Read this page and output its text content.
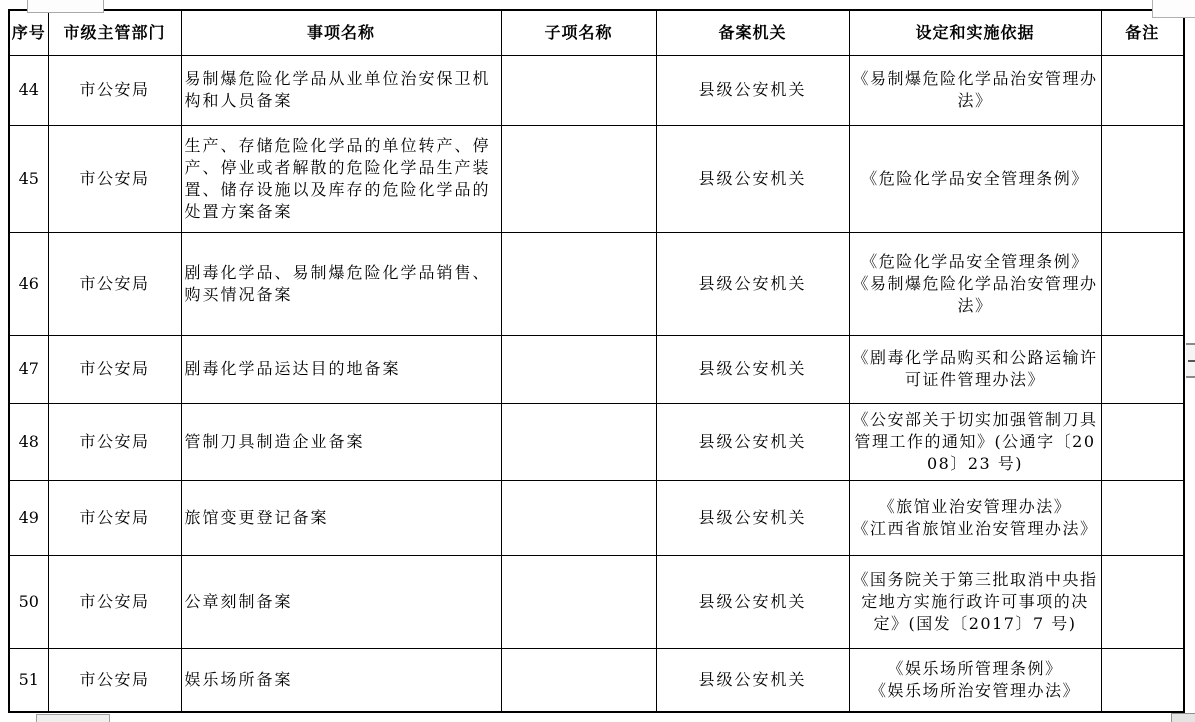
序号	市级主管部门	事项名称	子项名称	备案机关	设定和实施依据	备注
44	市公安局	易制爆危险化学品从业单位治安保卫机构和人员备案		县级公安机关	《易制爆危险化学品治安管理办法》	

45	市公安局	生产、存储危险化学品的单位转产、停产、停业或者解散的危险化学品生产装置、储存设施以及库存的危险化学品的处置方案备案		县级公安机关	《危险化学品安全管理条例》	

46	市公安局	剧毒化学品、易制爆危险化学品销售、购买情况备案		县级公安机关	《危险化学品安全管理条例》
《易制爆危险化学品治安管理办法》	

47	市公安局	剧毒化学品运达目的地备案		县级公安机关	《剧毒化学品购买和公路运输许可证件管理办法》	

48	市公安局	管制刀具制造企业备案		县级公安机关	《公安部关于切实加强管制刀具管理工作的通知》(公通字〔2008〕23 号)	

49	市公安局	旅馆变更登记备案		县级公安机关	《旅馆业治安管理办法》
《江西省旅馆业治安管理办法》	

50	市公安局	公章刻制备案		县级公安机关	《国务院关于第三批取消中央指定地方实施行政许可事项的决定》(国发〔2017〕7 号)	

51	市公安局	娱乐场所备案		县级公安机关	《娱乐场所管理条例》
《娱乐场所治安管理办法》	
